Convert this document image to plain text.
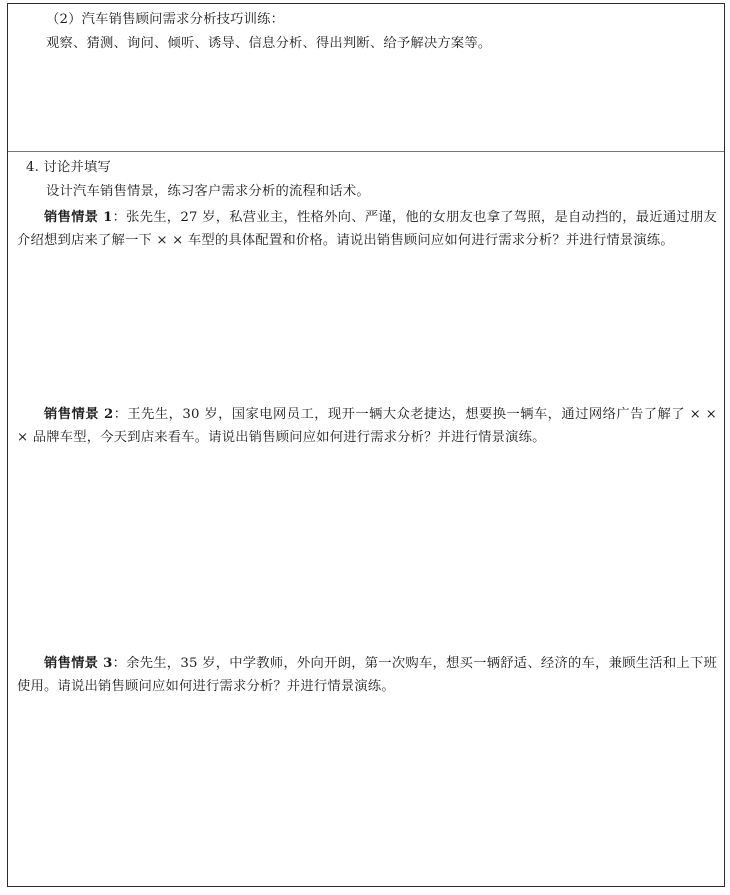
（2）汽车销售顾问需求分析技巧训练：
观察、猜测、询问、倾听、诱导、信息分析、得出判断、给予解决方案等。
4. 讨论并填写
设计汽车销售情景，练习客户需求分析的流程和话术。
销售情景 1：张先生，27 岁，私营业主，性格外向、严谨，他的女朋友也拿了驾照，是自动挡的，最近通过朋友介绍想到店来了解一下 × × 车型的具体配置和价格。请说出销售顾问应如何进行需求分析？并进行情景演练。
销售情景 2：王先生，30 岁，国家电网员工，现开一辆大众老捷达，想要换一辆车，通过网络广告了解了 × × × 品牌车型，今天到店来看车。请说出销售顾问应如何进行需求分析？并进行情景演练。
销售情景 3：余先生，35 岁，中学教师，外向开朗，第一次购车，想买一辆舒适、经济的车，兼顾生活和上下班使用。请说出销售顾问应如何进行需求分析？并进行情景演练。
